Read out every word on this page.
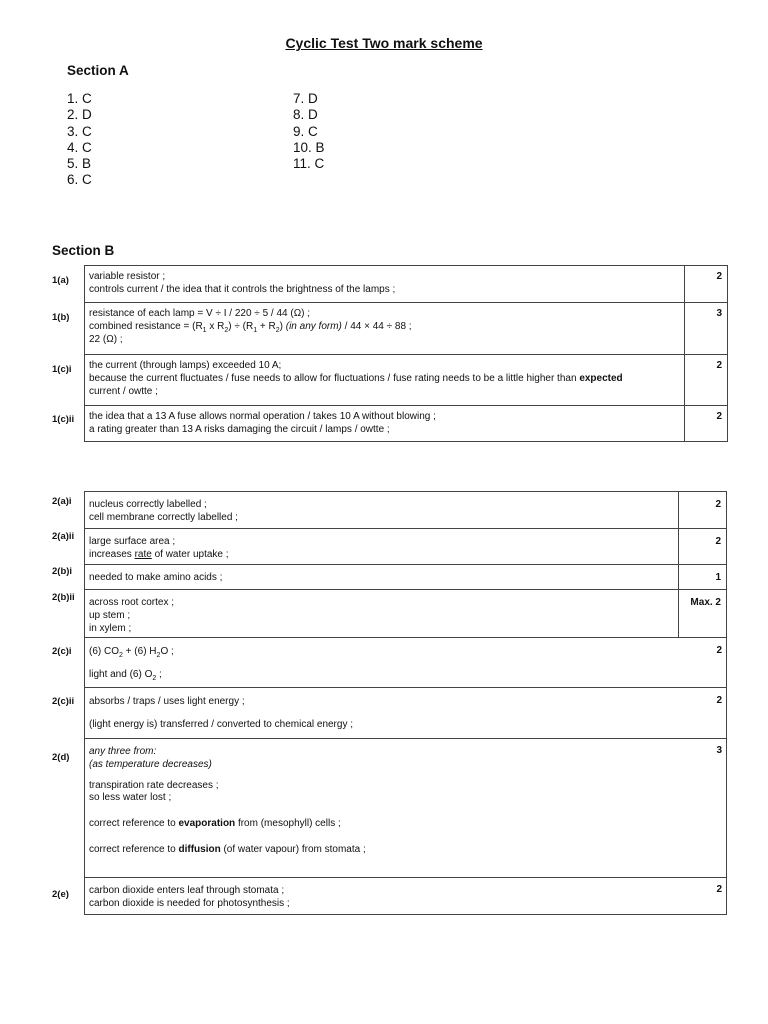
Cyclic Test Two mark scheme
Section A
1. C
2. D
3. C
4. C
5. B
6. C
7. D
8. D
9. C
10. B
11. C
Section B
1(a) variable resistor ;
controls current / the idea that it controls the brightness of the lamps ;
2
1(b) resistance of each lamp = V ÷ I / 220 ÷ 5 / 44 (Ω) ;
combined resistance = ($R_1$ x $R_2) \div (R_1 + R_2)$ (in any form) / 44 × 44 ÷ 88 ;
22 (Ω) ;
3
1(c)i the current (through lamps) exceeded 10 A;
because the current fluctuates / fuse needs to allow for fluctuations / fuse rating needs to be a little higher than expected
current / owtte ;
2
1(c)ii the idea that a 13 A fuse allows normal operation / takes 10 A without blowing ;
a rating greater than 13 A risks damaging the circuit / lamps / owtte ;
2
2(a)i nucleus correctly labelled ;
cell membrane correctly labelled ;
2
2(a)ii large surface area ;
increases rate of water uptake ;
2
2(b)i
needed to make amino acids ;	1
2(b)ii across root cortex ;
up stem ;
in xylem ;
Max. 2
2(c)i (6) $CO_2 + (6)$ $H_2O$ ;
light and (6) $O_2$ ;
2
2(c)ii absorbs / traps / uses light energy ;
(light energy is) transferred / converted to chemical energy ;
2
2(d)
any three from:
(as temperature decreases)
transpiration rate decreases ;
so less water lost ;
correct reference to evaporation from (mesophyll) cells ;
correct reference to diffusion (of water vapour) from stomata ;
3
2(e) carbon dioxide enters leaf through stomata ;
carbon dioxide is needed for photosynthesis ;
2
